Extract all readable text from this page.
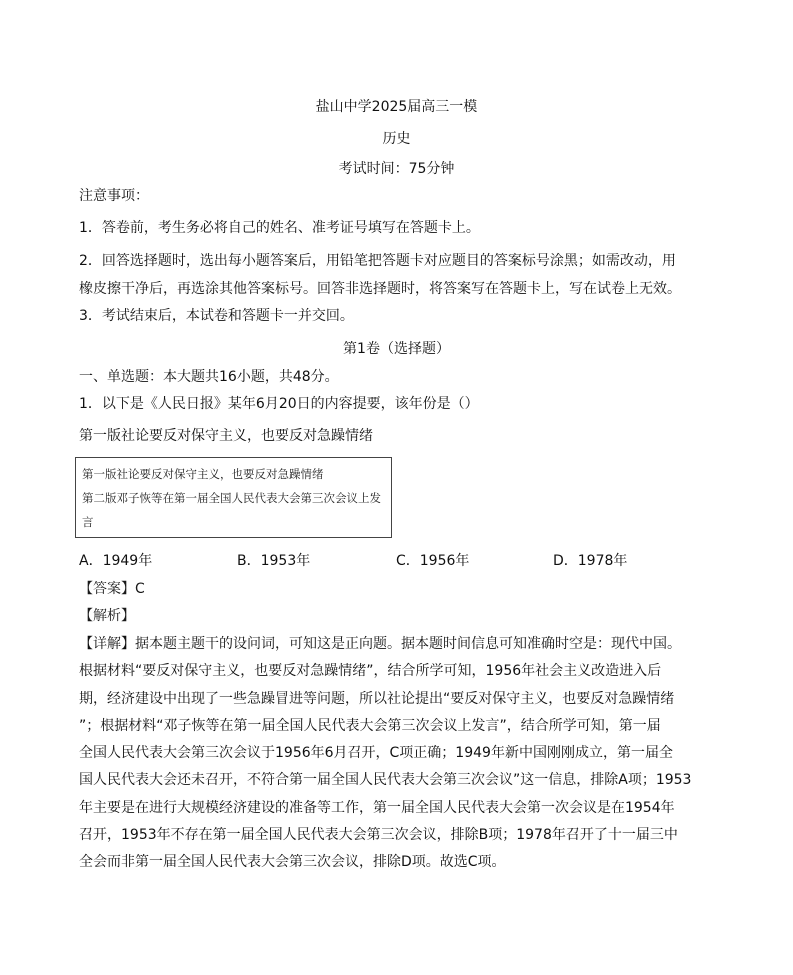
盐山中学2025届高三一模
历史
考试时间：75分钟
注意事项：
1．答卷前，考生务必将自己的姓名、准考证号填写在答题卡上。
2．回答选择题时，选出每小题答案后，用铅笔把答题卡对应题目的答案标号涂黑；如需改动，用
橡皮擦干净后，再选涂其他答案标号。回答非选择题时，将答案写在答题卡上，写在试卷上无效。
3．考试结束后，本试卷和答题卡一并交回。
第1卷（选择题）
一、单选题：本大题共16小题，共48分。
1．以下是《人民日报》某年6月20日的内容提要，该年份是（）
第一版社论要反对保守主义，也要反对急躁情绪
第一版社论要反对保守主义，也要反对急躁情绪
第二版邓子恢等在第一届全国人民代表大会第三次会议上发
言
A．1949年	B．1953年	C．1956年	D．1978年
【答案】C
【解析】
【详解】据本题主题干的设问词，可知这是正向题。据本题时间信息可知准确时空是：现代中国。
根据材料“要反对保守主义，也要反对急躁情绪”，结合所学可知，1956年社会主义改造进入后
期，经济建设中出现了一些急躁冒进等问题，所以社论提出“要反对保守主义，也要反对急躁情绪
”；根据材料“邓子恢等在第一届全国人民代表大会第三次会议上发言”，结合所学可知，第一届
全国人民代表大会第三次会议于1956年6月召开，C项正确；1949年新中国刚刚成立，第一届全
国人民代表大会还未召开，不符合第一届全国人民代表大会第三次会议”这一信息，排除A项；1953
年主要是在进行大规模经济建设的准备等工作，第一届全国人民代表大会第一次会议是在1954年
召开，1953年不存在第一届全国人民代表大会第三次会议，排除B项；1978年召开了十一届三中
全会而非第一届全国人民代表大会第三次会议，排除D项。故选C项。
